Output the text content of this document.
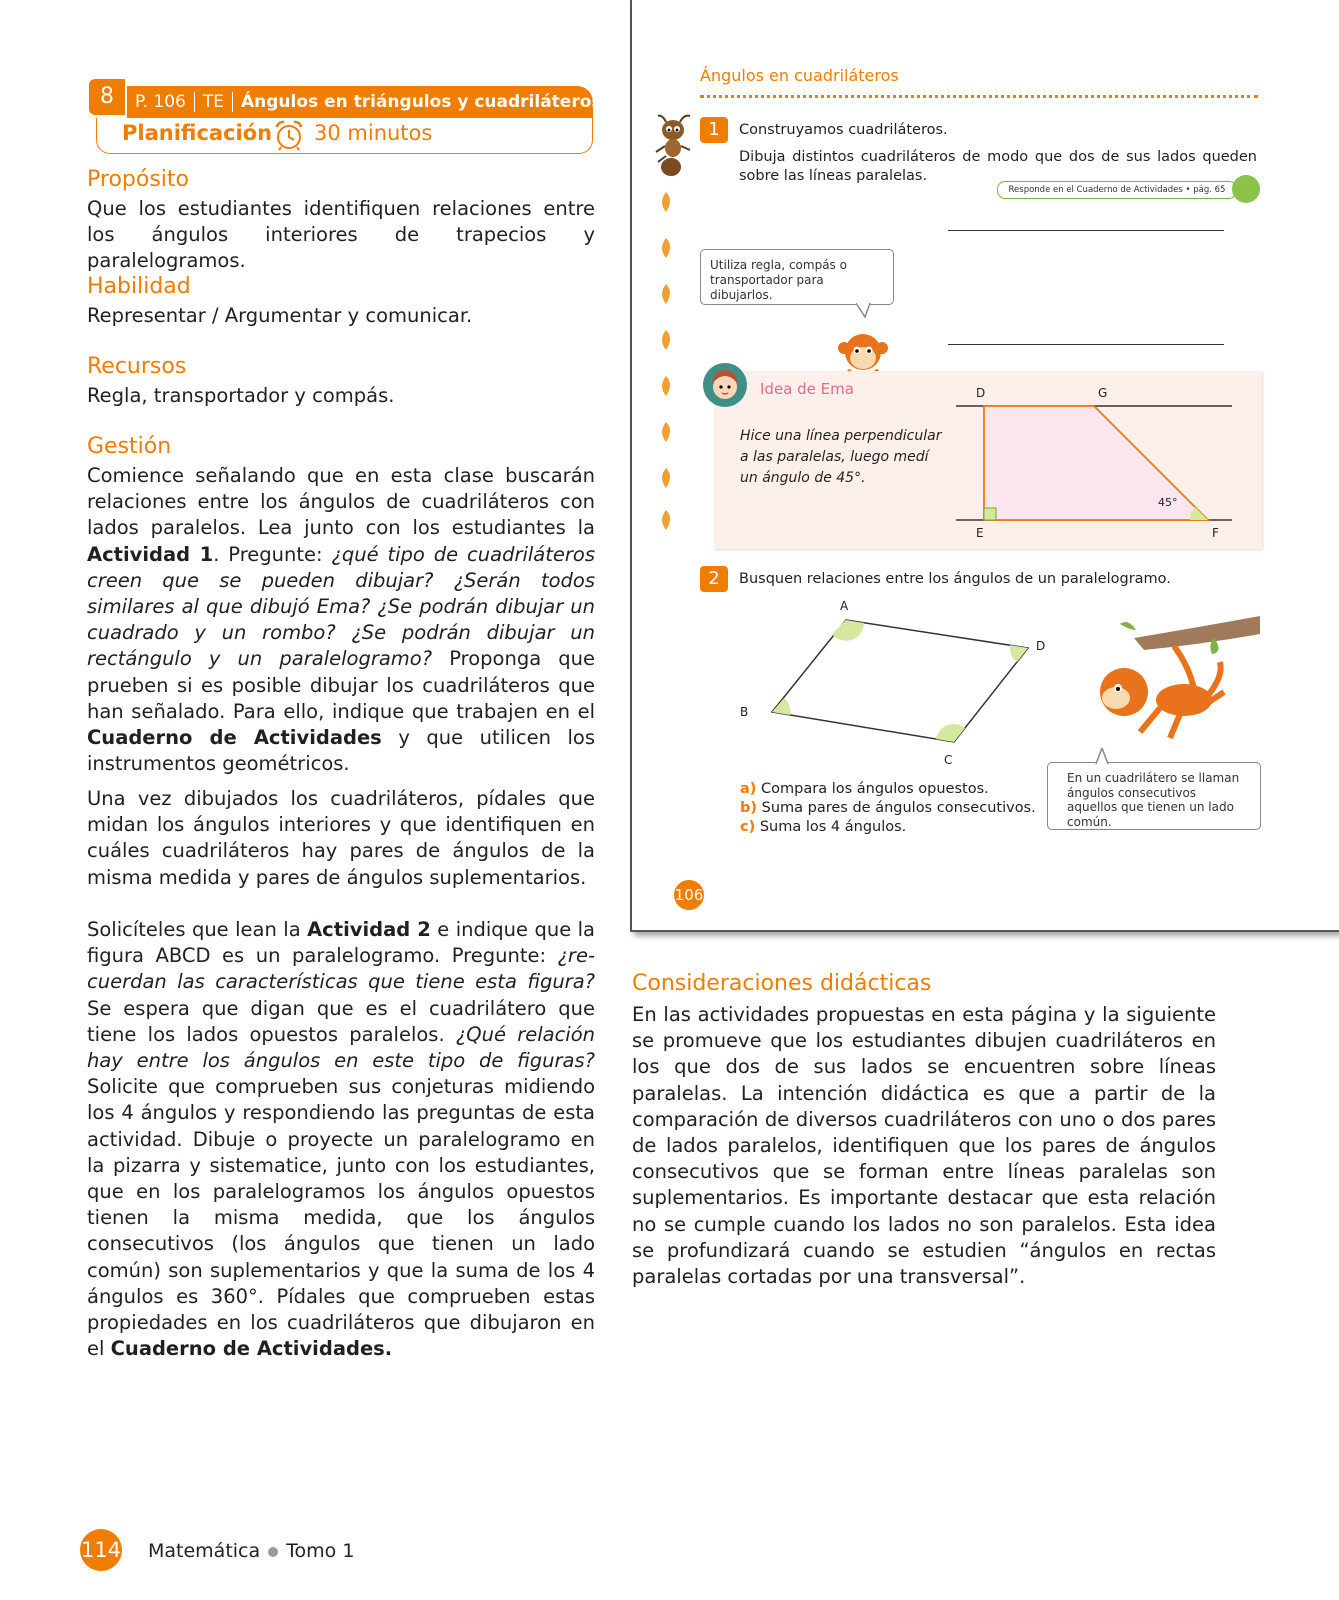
8	P. 106 TE Ángulos en triángulos y cuadriláteros
Planificación 30 minutos
Propósito
Que los estudiantes identifiquen relaciones entre los ángulos interiores de trapecios y paralelogramos.
Habilidad
Representar / Argumentar y comunicar.
Recursos
Regla, transportador y compás.
Gestión
Comience señalando que en esta clase buscarán relaciones entre los ángulos de cuadriláteros con lados paralelos. Lea junto con los estudiantes la Actividad 1. Pregunte: ¿qué tipo de cuadriláteros creen que se pueden dibujar? ¿Serán todos similares al que dibujó Ema? ¿Se podrán dibujar un cuadrado y un rombo? ¿Se podrán dibujar un rectángulo y un paralelogramo? Proponga que prueben si es posible dibujar los cuadriláteros que han señalado. Para ello, indique que trabajen en el Cuaderno de Actividades y que utilicen los instrumentos geométricos.
Una vez dibujados los cuadriláteros, pídales que midan los ángulos interiores y que identifiquen en cuáles cuadriláteros hay pares de ángulos de la misma medida y pares de ángulos suplementarios.
Solicíteles que lean la Actividad 2 e indique que la figura ABCD es un paralelogramo. Pregunte: ¿recuerdan las características que tiene esta figura? Se espera que digan que es el cuadrilátero que tiene los lados opuestos paralelos. ¿Qué relación hay entre los ángulos en este tipo de figuras? Solicite que comprueben sus conjeturas midiendo los 4 ángulos y respondiendo las preguntas de esta actividad. Dibuje o proyecte un paralelogramo en la pizarra y sistematice, junto con los estudiantes, que en los paralelogramos los ángulos opuestos tienen la misma medida, que los ángulos consecutivos (los ángulos que tienen un lado común) son suplementarios y que la suma de los 4 ángulos es 360°. Pídales que comprueben estas propiedades en los cuadriláteros que dibujaron en el Cuaderno de Actividades.
Ángulos en cuadriláteros
1	Construyamos cuadriláteros.
Dibuja distintos cuadriláteros de modo que dos de sus lados queden sobre las líneas paralelas.
Responde en el Cuaderno de Actividades • pág. 65
Utiliza regla, compás o transportador para dibujarlos.
Idea de Ema
Hice una línea perpendicular a las paralelas, luego medí un ángulo de 45°.
D	G
E	F
45°
2	Busquen relaciones entre los ángulos de un paralelogramo.
A
B
C
D
a) Compara los ángulos opuestos.
b) Suma pares de ángulos consecutivos.
c) Suma los 4 ángulos.
En un cuadrilátero se llaman ángulos consecutivos aquellos que tienen un lado común.
106
Consideraciones didácticas
En las actividades propuestas en esta página y la siguiente se promueve que los estudiantes dibujen cuadriláteros en los que dos de sus lados se encuentren sobre líneas paralelas. La intención didáctica es que a partir de la comparación de diversos cuadriláteros con uno o dos pares de lados paralelos, identifiquen que los pares de ángulos consecutivos que se forman entre líneas paralelas son suplementarios. Es importante destacar que esta relación no se cumple cuando los lados no son paralelos. Esta idea se profundizará cuando se estudien “ángulos en rectas paralelas cortadas por una transversal”.
114 Matemática Tomo 1
